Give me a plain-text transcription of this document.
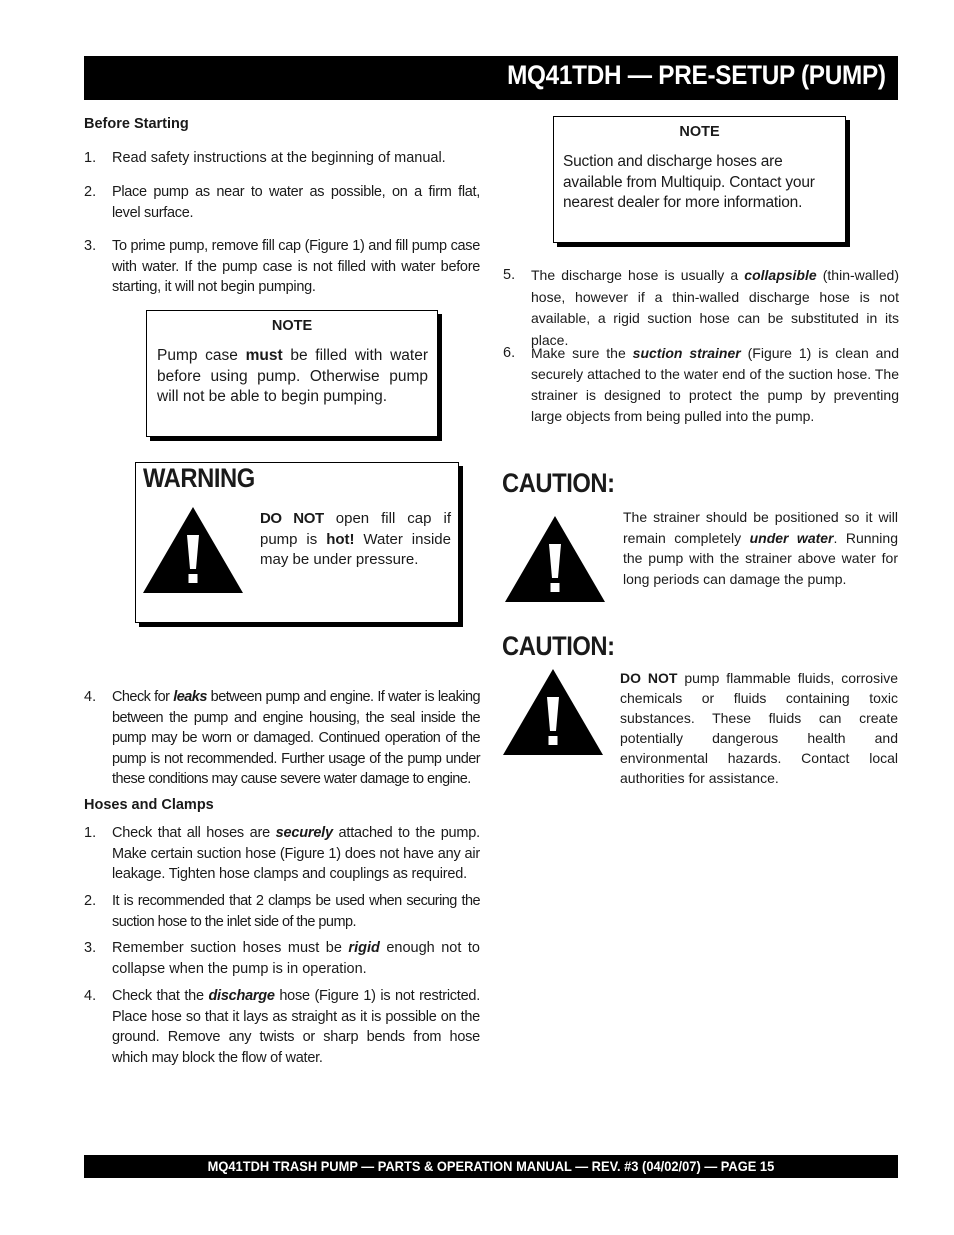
MQ41TDH — PRE-SETUP (PUMP)
Before Starting
1.	Read safety instructions at the beginning of manual.
2.	Place pump as near to water as possible, on a firm flat, level surface.
3.	To prime pump, remove fill cap (Figure 1) and fill pump case with water. If the pump case is not filled with water before starting, it will not begin pumping.
NOTE
Pump case must be filled with water before using pump. Otherwise pump will not be able to begin pumping.
WARNING
DO NOT open fill cap if pump is hot! Water inside may be under pressure.
4.	Check for leaks between pump and engine. If water is leaking between the pump and engine housing, the seal inside the pump may be worn or damaged. Continued operation of the pump is not recommended. Further usage of the pump under these conditions may cause severe water damage to engine.
Hoses and Clamps
1.	Check that all hoses are securely attached to the pump. Make certain suction hose (Figure 1) does not have any air leakage. Tighten hose clamps and couplings as required.
2.	It is recommended that 2 clamps be used when securing the suction hose to the inlet side of the pump.
3.	Remember suction hoses must be rigid enough not to collapse when the pump is in operation.
4.	Check that the discharge hose (Figure 1) is not restricted. Place hose so that it lays as straight as it is possible on the ground. Remove any twists or sharp bends from hose which may block the flow of water.
NOTE
Suction and discharge hoses are available from Multiquip. Contact your nearest dealer for more information.
5.	The discharge hose is usually a collapsible (thin-walled) hose, however if a thin-walled discharge hose is not available, a rigid suction hose can be substituted in its place.
6.	Make sure the suction strainer (Figure 1) is clean and securely attached to the water end of the suction hose. The strainer is designed to protect the pump by preventing large objects from being pulled into the pump.
CAUTION:
The strainer should be positioned so it will remain completely under water. Running the pump with the strainer above water for long periods can damage the pump.
CAUTION:
DO NOT pump flammable fluids, corrosive chemicals or fluids containing toxic substances. These fluids can create potentially dangerous health and environmental hazards. Contact local authorities for assistance.
MQ41TDH TRASH PUMP — PARTS & OPERATION MANUAL — REV. #3 (04/02/07) — PAGE 15
